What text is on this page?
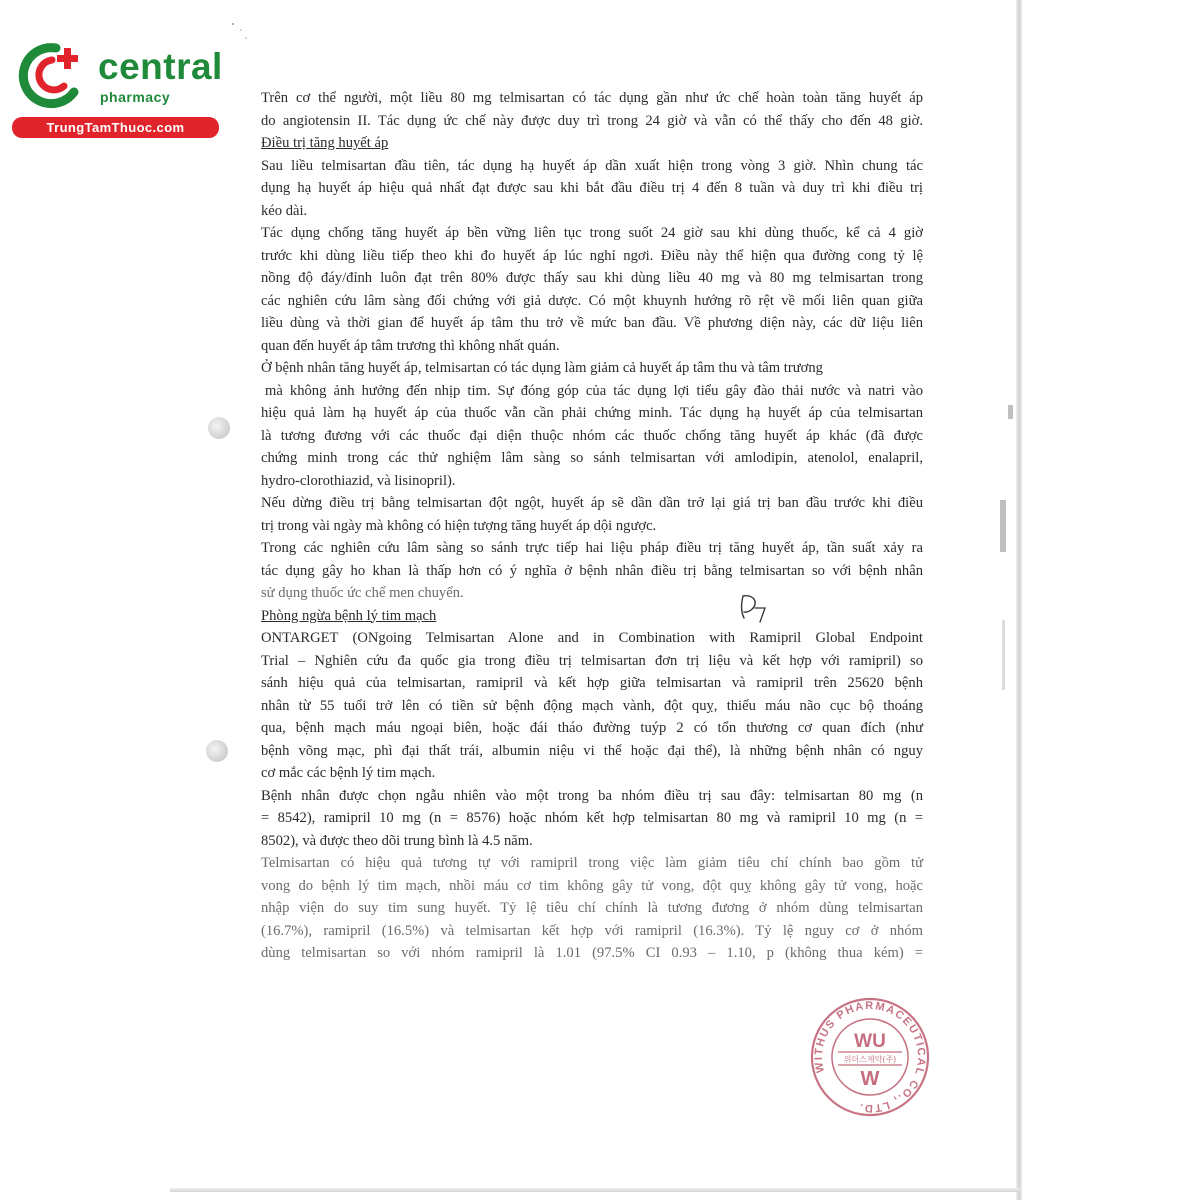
central
pharmacy
TrungTamThuoc.com
Trên cơ thể người, một liều 80 mg telmisartan có tác dụng gần như ức chế hoàn toàn tăng huyết áp
do angiotensin II. Tác dụng ức chế này được duy trì trong 24 giờ và vẫn có thể thấy cho đến 48 giờ.
Điều trị tăng huyết áp
Sau liều telmisartan đầu tiên, tác dụng hạ huyết áp dần xuất hiện trong vòng 3 giờ. Nhìn chung tác
dụng hạ huyết áp hiệu quả nhất đạt được sau khi bắt đầu điều trị 4 đến 8 tuần và duy trì khi điều trị
kéo dài.
Tác dụng chống tăng huyết áp bền vững liên tục trong suốt 24 giờ sau khi dùng thuốc, kể cả 4 giờ
trước khi dùng liều tiếp theo khi đo huyết áp lúc nghỉ ngơi. Điều này thể hiện qua đường cong tỷ lệ
nồng độ đáy/đỉnh luôn đạt trên 80% được thấy sau khi dùng liều 40 mg và 80 mg telmisartan trong
các nghiên cứu lâm sàng đối chứng với giả dược. Có một khuynh hướng rõ rệt về mối liên quan giữa
liều dùng và thời gian để huyết áp tâm thu trở về mức ban đầu. Về phương diện này, các dữ liệu liên
quan đến huyết áp tâm trương thì không nhất quán.
Ở bệnh nhân tăng huyết áp, telmisartan có tác dụng làm giảm cả huyết áp tâm thu và tâm trương
mà không ảnh hưởng đến nhịp tim. Sự đóng góp của tác dụng lợi tiểu gây đào thải nước và natri vào
hiệu quả làm hạ huyết áp của thuốc vẫn cần phải chứng minh. Tác dụng hạ huyết áp của telmisartan
là tương đương với các thuốc đại diện thuộc nhóm các thuốc chống tăng huyết áp khác (đã được
chứng minh trong các thử nghiệm lâm sàng so sánh telmisartan với amlodipin, atenolol, enalapril,
hydro-clorothiazid, và lisinopril).
Nếu dừng điều trị bằng telmisartan đột ngột, huyết áp sẽ dần dần trở lại giá trị ban đầu trước khi điều
trị trong vài ngày mà không có hiện tượng tăng huyết áp dội ngược.
Trong các nghiên cứu lâm sàng so sánh trực tiếp hai liệu pháp điều trị tăng huyết áp, tần suất xảy ra
tác dụng gây ho khan là thấp hơn có ý nghĩa ở bệnh nhân điều trị bằng telmisartan so với bệnh nhân
sử dụng thuốc ức chế men chuyển.
Phòng ngừa bệnh lý tim mạch
ONTARGET (ONgoing Telmisartan Alone and in Combination with Ramipril Global Endpoint
Trial – Nghiên cứu đa quốc gia trong điều trị telmisartan đơn trị liệu và kết hợp với ramipril) so
sánh hiệu quả của telmisartan, ramipril và kết hợp giữa telmisartan và ramipril trên 25620 bệnh
nhân từ 55 tuổi trở lên có tiền sử bệnh động mạch vành, đột quỵ, thiếu máu não cục bộ thoáng
qua, bệnh mạch máu ngoại biên, hoặc đái tháo đường tuýp 2 có tổn thương cơ quan đích (như
bệnh võng mạc, phì đại thất trái, albumin niệu vi thể hoặc đại thể), là những bệnh nhân có nguy
cơ mắc các bệnh lý tim mạch.
Bệnh nhân được chọn ngẫu nhiên vào một trong ba nhóm điều trị sau đây: telmisartan 80 mg (n
= 8542), ramipril 10 mg (n = 8576) hoặc nhóm kết hợp telmisartan 80 mg và ramipril 10 mg (n =
8502), và được theo dõi trung bình là 4.5 năm.
Telmisartan có hiệu quả tương tự với ramipril trong việc làm giảm tiêu chí chính bao gồm tử
vong do bệnh lý tim mạch, nhồi máu cơ tim không gây tử vong, đột quỵ không gây tử vong, hoặc
nhập viện do suy tim sung huyết. Tỷ lệ tiêu chí chính là tương đương ở nhóm dùng telmisartan
(16.7%), ramipril (16.5%) và telmisartan kết hợp với ramipril (16.3%). Tỷ lệ nguy cơ ở nhóm
dùng telmisartan so với nhóm ramipril là 1.01 (97.5% CI 0.93 – 1.10, p (không thua kém) =
WITHUS PHARMACEUTICAL CO., LTD.
WU
위더스제약(주)
W
